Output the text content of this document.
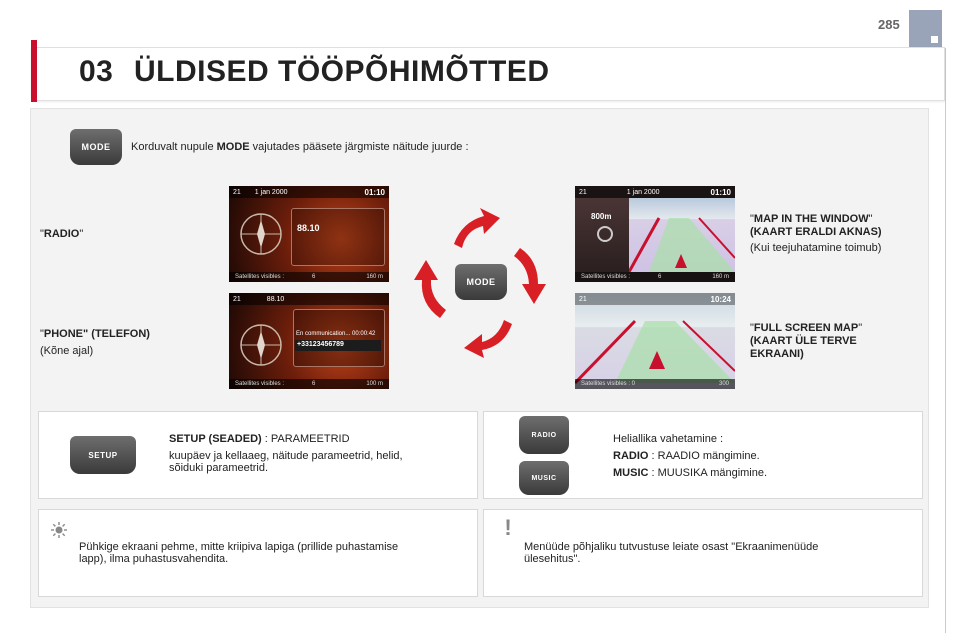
285
03 ÜLDISED TÖÖPÕHIMÕTTED
MODE Korduvalt nupule MODE vajutades pääsete järgmiste näitude juurde :
"RADIO"
"PHONE" (TELEFON)
(Kõne ajal)
"MAP IN THE WINDOW"
(KAART ERALDI AKNAS)
(Kui teejuhatamine toimub)
"FULL SCREEN MAP"
(KAART ÜLE TERVE
EKRAANI)
21 1 jan 2000	01:10
88.10
Satellites visibles :	6	160 m
21	88.10
En communication... 00:00:42
+33123456789
Satellites visibles :	6	100 m
800m
21	1 jan 2000	01:10
Satellites visibles :	6	160 m
21	10:24
Satellites visibles : 0	300
MODE
SETUP
SETUP (SEADED) : PARAMEETRID
kuupäev ja kellaaeg, näitude parameetrid, helid,
sõiduki parameetrid.
RADIO
MUSIC
Heliallika vahetamine :
RADIO : RAADIO mängimine.
MUSIC : MUUSIKA mängimine.
Pühkige ekraani pehme, mitte kriipiva lapiga (prillide puhastamise
lapp), ilma puhastusvahendita.
!
Menüüde põhjaliku tutvustuse leiate osast "Ekraanimenüüde
ülesehitus".
